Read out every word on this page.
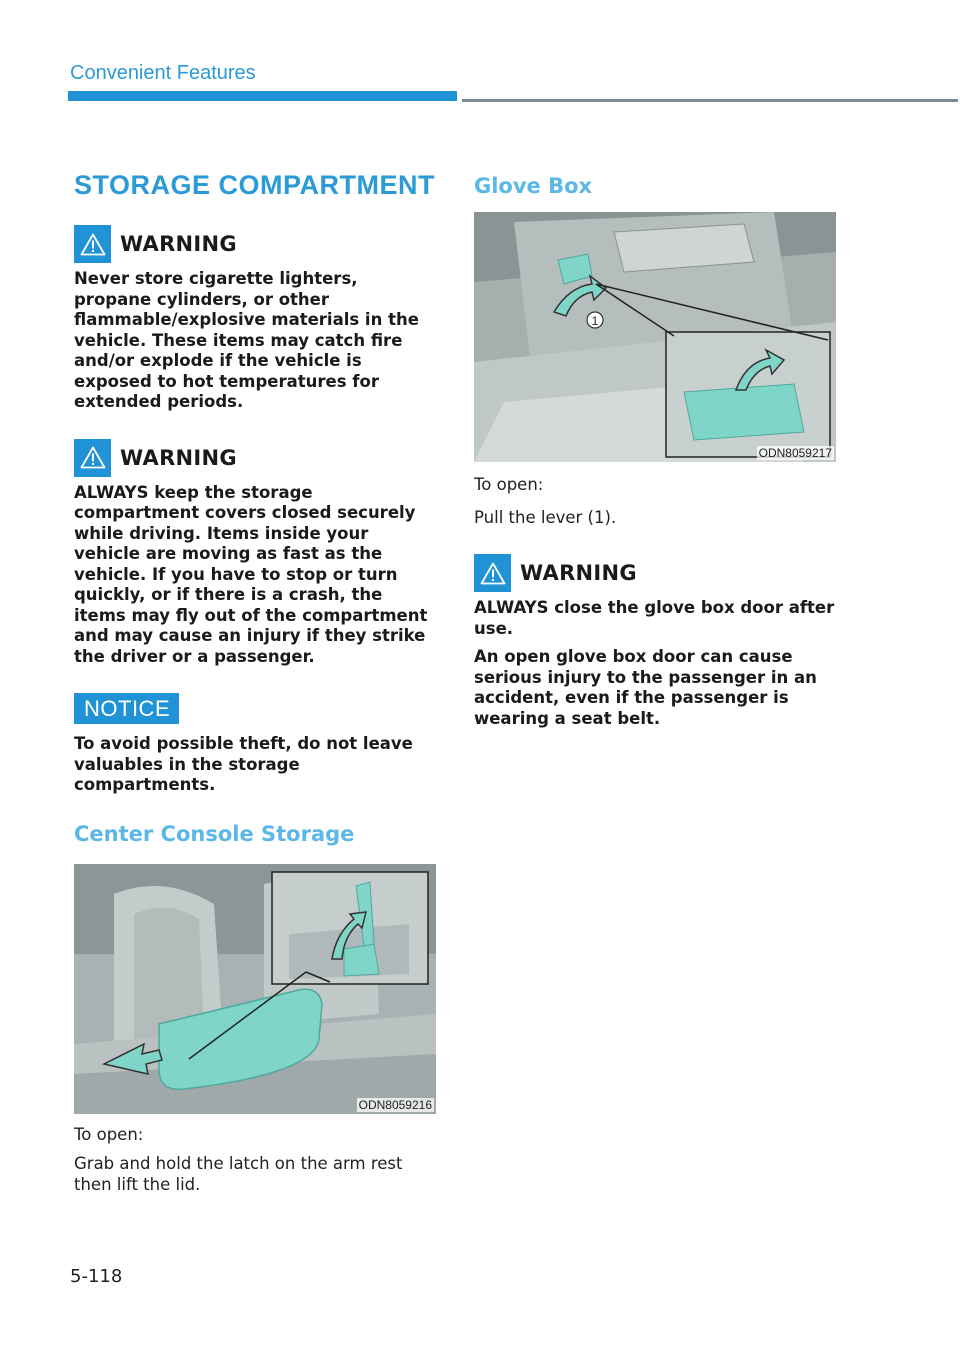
Convenient Features
STORAGE COMPARTMENT
WARNING

Never store cigarette lighters, propane cylinders, or other flammable/explosive materials in the vehicle. These items may catch fire and/or explode if the vehicle is exposed to hot temperatures for extended periods.

WARNING

ALWAYS keep the storage compartment covers closed securely while driving. Items inside your vehicle are moving as fast as the vehicle. If you have to stop or turn quickly, or if there is a crash, the items may fly out of the compartment and may cause an injury if they strike the driver or a passenger.

NOTICE

To avoid possible theft, do not leave valuables in the storage compartments.

Center Console Storage
ODN8059216

To open:

Grab and hold the latch on the arm rest then lift the lid.

Glove Box
1
ODN8059217

To open:

Pull the lever (1).

WARNING

ALWAYS close the glove box door after use.

An open glove box door can cause serious injury to the passenger in an accident, even if the passenger is wearing a seat belt.

5-118
